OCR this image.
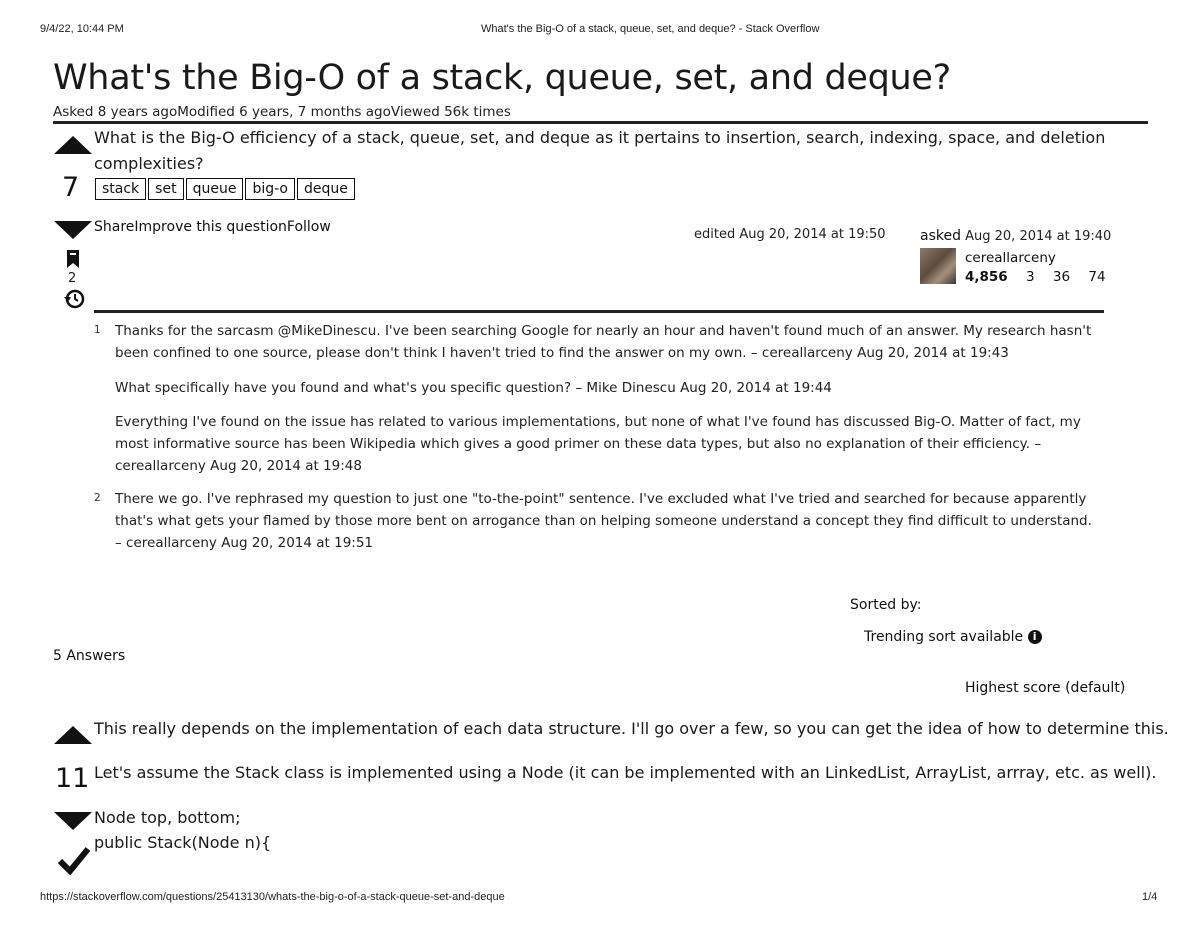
9/4/22, 10:44 PM	What's the Big-O of a stack, queue, set, and deque? - Stack Overflow
What's the Big-O of a stack, queue, set, and deque?
Asked 8 years agoModified 6 years, 7 months agoViewed 56k times
7
2
What is the Big-O efficiency of a stack, queue, set, and deque as it pertains to insertion, search, indexing, space, and deletion
complexities?
stack set queue big-o deque
ShareImprove this questionFollow	edited Aug 20, 2014 at 19:50 asked Aug 20, 2014 at 19:40
cereallarceny
4,856 3 36 74
1 Thanks for the sarcasm @MikeDinescu. I've been searching Google for nearly an hour and haven't found much of an answer. My research hasn't been confined to one source, please don't think I haven't tried to find the answer on my own. – cereallarceny Aug 20, 2014 at 19:43
What specifically have you found and what's you specific question? – Mike Dinescu Aug 20, 2014 at 19:44
Everything I've found on the issue has related to various implementations, but none of what I've found has discussed Big-O. Matter of fact, my most informative source has been Wikipedia which gives a good primer on these data types, but also no explanation of their efficiency. – cereallarceny Aug 20, 2014 at 19:48
2 There we go. I've rephrased my question to just one "to-the-point" sentence. I've excluded what I've tried and searched for because apparently that's what gets your flamed by those more bent on arrogance than on helping someone understand a concept they find difficult to understand. – cereallarceny Aug 20, 2014 at 19:51
Sorted by:
Trending sort available i
5 Answers
Highest score (default)
11
This really depends on the implementation of each data structure. I'll go over a few, so you can get the idea of how to determine this.
Let's assume the Stack class is implemented using a Node (it can be implemented with an LinkedList, ArrayList, arrray, etc. as well).
Node top, bottom;
public Stack(Node n){
https://stackoverflow.com/questions/25413130/whats-the-big-o-of-a-stack-queue-set-and-deque	1/4
